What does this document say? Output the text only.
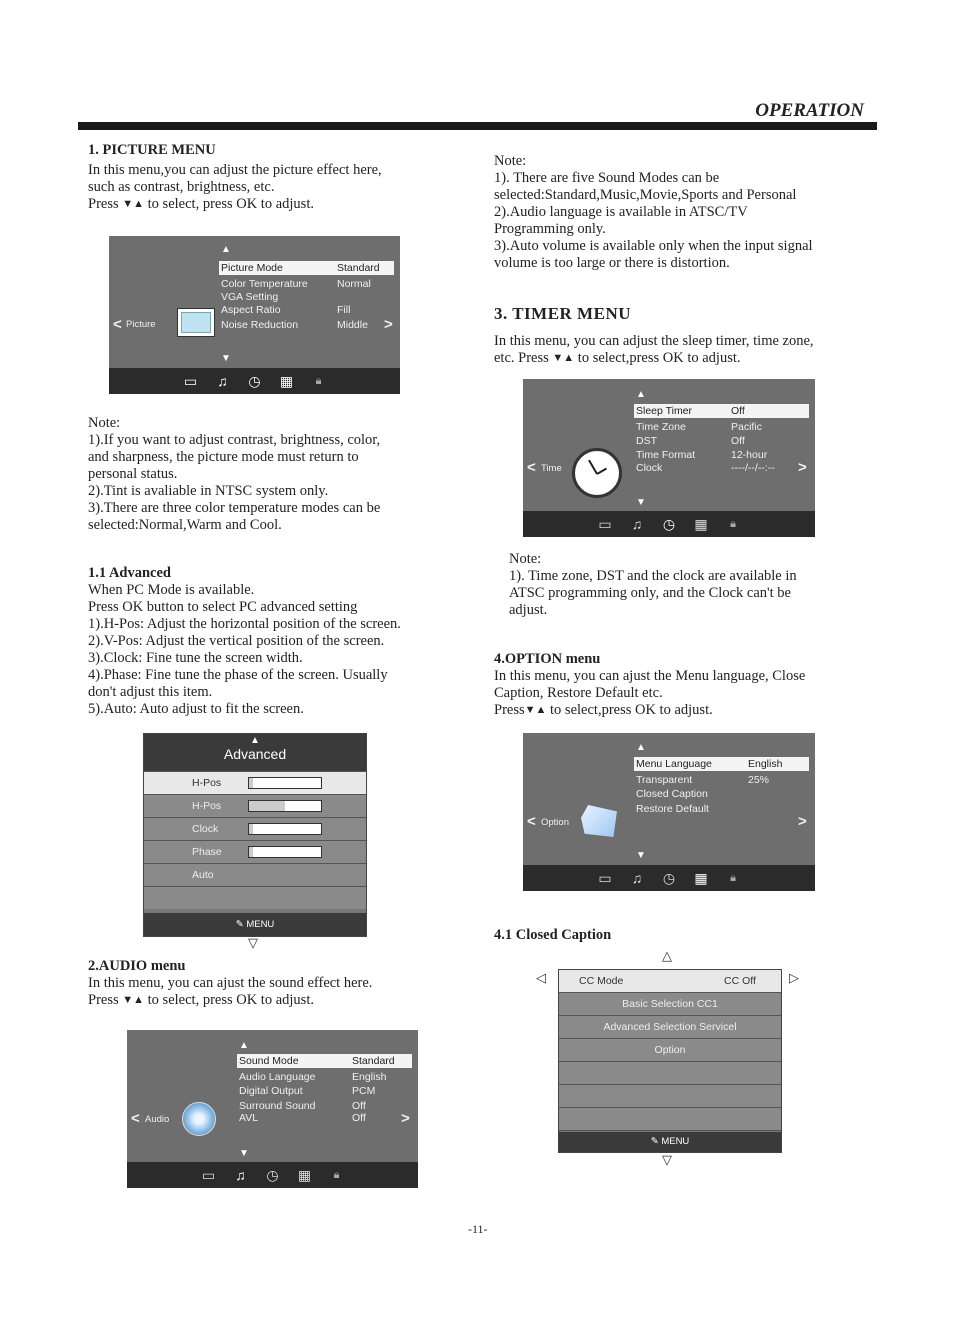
OPERATION
1. PICTURE MENU
In this menu,you can adjust the picture effect here,
such as contrast, brightness, etc.
Press ▼▲ to select, press OK to adjust.
▲
▼
< Picture	>
Picture Mode	Standard
Color Temperature	Normal
VGA Setting
Aspect Ratio	Fill
Noise Reduction	Middle
▭	♫	◷ ▦	🔒︎
Note:
1).If you want to adjust contrast, brightness, color,
and sharpness, the picture mode must return to
personal status.
2).Tint is avaliable in NTSC system only.
3).There are three color temperature modes can be
selected:Normal,Warm and Cool.
1.1 Advanced
When PC Mode is available.
Press OK button to select PC advanced setting
1).H-Pos: Adjust the horizontal position of the screen.
2).V-Pos: Adjust the vertical position of the screen.
3).Clock: Fine tune the screen width.
4).Phase: Fine tune the phase of the screen. Usually
don't adjust this item.
5).Auto: Auto adjust to fit the screen.
▲
Advanced
H-Pos
H-Pos
Clock
Phase
Auto
✎ MENU
▽
2.AUDIO menu
In this menu, you can ajust the sound effect here.
Press ▼▲ to select, press OK to adjust.
▲
▼
< Audio	>
Sound Mode	Standard
Audio Language	English
Digital Output	PCM
Surround Sound	Off
AVL	Off
▭	♫	◷ ▦	🔒︎
Note:
1). There are five Sound Modes can be
selected:Standard,Music,Movie,Sports and Personal
2).Audio language is available in ATSC/TV
Programming only.
3).Auto volume is available only when the input signal
volume is too large or there is distortion.
3. TIMER MENU
In this menu, you can adjust the sleep timer, time zone,
etc. Press ▼▲ to select,press OK to adjust.
▲
▼
< Time	>
Sleep Timer	Off
Time Zone	Pacific
DST	Off
Time Format	12-hour
Clock	----/--/--:--
▭	♫	◷ ▦	🔒︎
Note:
1). Time zone, DST and the clock are available in
ATSC programming only, and the Clock can't be
adjust.
4.OPTION menu
In this menu, you can ajust the Menu language, Close
Caption, Restore Default etc.
Press▼▲ to select,press OK to adjust.
▲
▼
< Option	>
Menu Language	English
Transparent	25%
Closed Caption
Restore Default
▭	♫	◷ ▦	🔒︎
4.1 Closed Caption
△
◁	▷
CC Mode	CC Off
Basic Selection CC1
Advanced Selection Servicel
Option
✎ MENU
▽
-11-
